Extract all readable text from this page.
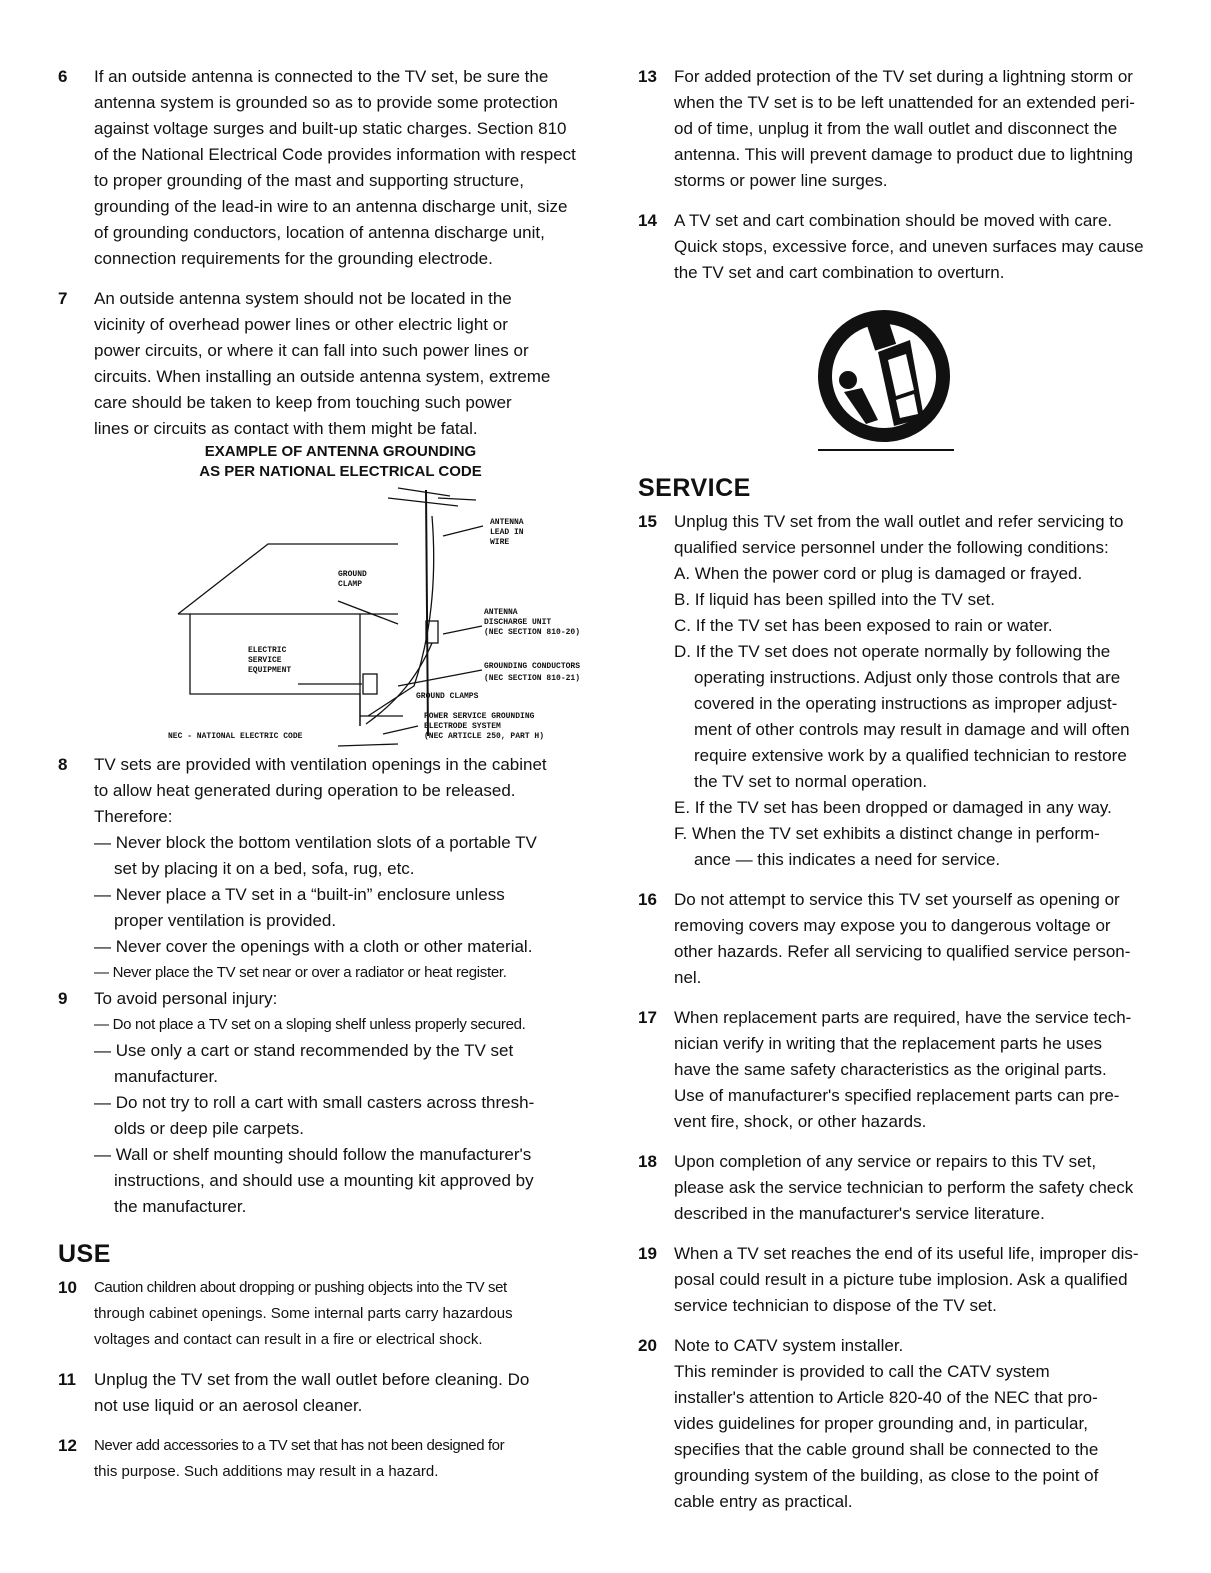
6	If an outside antenna is connected to the TV set, be sure the
antenna system is grounded so as to provide some protection
against voltage surges and built-up static charges. Section 810
of the National Electrical Code provides information with respect
to proper grounding of the mast and supporting structure,
grounding of the lead-in wire to an antenna discharge unit, size
of grounding conductors, location of antenna discharge unit,
connection requirements for the grounding electrode.
7	An outside antenna system should not be located in the
vicinity of overhead power lines or other electric light or
power circuits, or where it can fall into such power lines or
circuits. When installing an outside antenna system, extreme
care should be taken to keep from touching such power
lines or circuits as contact with them might be fatal.
EXAMPLE OF ANTENNA GROUNDING
AS PER NATIONAL ELECTRICAL CODE
ANTENNA
LEAD IN
WIRE
GROUND
CLAMP
ANTENNA
DISCHARGE UNIT
(NEC SECTION 810-20)
ELECTRIC
SERVICE
EQUIPMENT	GROUNDING CONDUCTORS
(NEC SECTION 810-21)
GROUND CLAMPS
POWER SERVICE GROUNDING
ELECTRODE SYSTEM
(NEC ARTICLE 250, PART H)
NEC - NATIONAL ELECTRIC CODE
8	TV sets are provided with ventilation openings in the cabinet
to allow heat generated during operation to be released.
Therefore:
— Never block the bottom ventilation slots of a portable TV
set by placing it on a bed, sofa, rug, etc.
— Never place a TV set in a “built-in” enclosure unless
proper ventilation is provided.
— Never cover the openings with a cloth or other material.
— Never place the TV set near or over a radiator or heat register.
9	To avoid personal injury:
— Do not place a TV set on a sloping shelf unless properly secured.
— Use only a cart or stand recommended by the TV set
manufacturer.
— Do not try to roll a cart with small casters across thresh-
olds or deep pile carpets.
— Wall or shelf mounting should follow the manufacturer's
instructions, and should use a mounting kit approved by
the manufacturer.
USE
10	Caution children about dropping or pushing objects into the TV set
through cabinet openings. Some internal parts carry hazardous
voltages and contact can result in a fire or electrical shock.
11	Unplug the TV set from the wall outlet before cleaning. Do
not use liquid or an aerosol cleaner.
12	Never add accessories to a TV set that has not been designed for
this purpose. Such additions may result in a hazard.
13	For added protection of the TV set during a lightning storm or
when the TV set is to be left unattended for an extended peri-
od of time, unplug it from the wall outlet and disconnect the
antenna. This will prevent damage to product due to lightning
storms or power line surges.
14	A TV set and cart combination should be moved with care.
Quick stops, excessive force, and uneven surfaces may cause
the TV set and cart combination to overturn.
SERVICE
15	Unplug this TV set from the wall outlet and refer servicing to
qualified service personnel under the following conditions:
A. When the power cord or plug is damaged or frayed.
B. If liquid has been spilled into the TV set.
C. If the TV set has been exposed to rain or water.
D. If the TV set does not operate normally by following the
operating instructions. Adjust only those controls that are
covered in the operating instructions as improper adjust-
ment of other controls may result in damage and will often
require extensive work by a qualified technician to restore
the TV set to normal operation.
E. If the TV set has been dropped or damaged in any way.
F. When the TV set exhibits a distinct change in perform-
ance — this indicates a need for service.
16	Do not attempt to service this TV set yourself as opening or
removing covers may expose you to dangerous voltage or
other hazards. Refer all servicing to qualified service person-
nel.
17	When replacement parts are required, have the service tech-
nician verify in writing that the replacement parts he uses
have the same safety characteristics as the original parts.
Use of manufacturer's specified replacement parts can pre-
vent fire, shock, or other hazards.
18	Upon completion of any service or repairs to this TV set,
please ask the service technician to perform the safety check
described in the manufacturer's service literature.
19	When a TV set reaches the end of its useful life, improper dis-
posal could result in a picture tube implosion. Ask a qualified
service technician to dispose of the TV set.
20	Note to CATV system installer.
This reminder is provided to call the CATV system
installer's attention to Article 820-40 of the NEC that pro-
vides guidelines for proper grounding and, in particular,
specifies that the cable ground shall be connected to the
grounding system of the building, as close to the point of
cable entry as practical.
